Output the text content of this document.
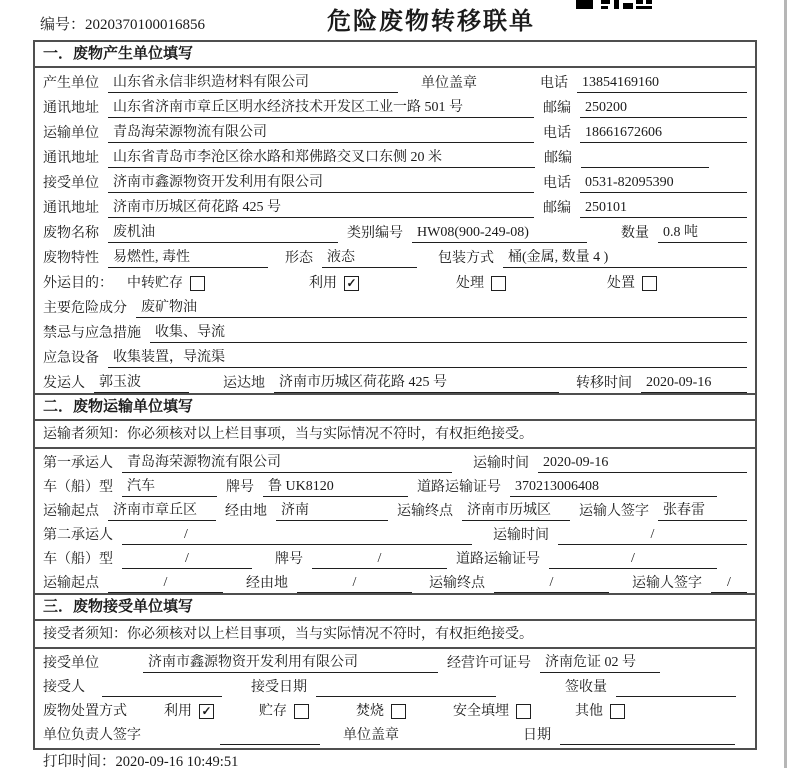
编号：2020370100016856	危险废物转移联单
一．废物产生单位填写
产生单位	山东省永信非织造材料有限公司	单位盖章	电话	13854169160
通讯地址	山东省济南市章丘区明水经济技术开发区工业一路 501 号	邮编	250200
运输单位	青岛海荣源物流有限公司	电话	18661672606
通讯地址	山东省青岛市李沧区徐水路和郑佛路交叉口东侧 20 米	邮编
接受单位	济南市鑫源物资开发利用有限公司	电话	0531-82095390
通讯地址	济南市历城区荷花路 425 号	邮编	250101
废物名称	废机油	类别编号	HW08(900-249-08)	数量	0.8 吨
废物特性	易燃性, 毒性	形态	液态	包装方式	桶(金属, 数量 4 )
外运目的： 中转贮存	利用 ✓	处理	处置
主要危险成分	废矿物油
禁忌与应急措施	收集、导流
应急设备	收集装置，导流渠
发运人	郭玉波	运达地	济南市历城区荷花路 425 号	转移时间	2020-09-16
二．废物运输单位填写
运输者须知：你必须核对以上栏目事项，当与实际情况不符时，有权拒绝接受。
第一承运人	青岛海荣源物流有限公司	运输时间	2020-09-16
车（船）型	汽车	牌号	鲁 UK8120	道路运输证号	370213006408
运输起点	济南市章丘区	经由地	济南	运输终点	济南市历城区	运输人签字	张春雷
第二承运人	/	运输时间	/
车（船）型	/	牌号	/	道路运输证号	/
运输起点	/	经由地	/	运输终点	/	运输人签字	/
三．废物接受单位填写
接受者须知：你必须核对以上栏目事项，当与实际情况不符时，有权拒绝接受。
接受单位	济南市鑫源物资开发利用有限公司	经营许可证号	济南危证 02 号
接受人	接受日期	签收量
废物处置方式	利用 ✓	贮存	焚烧	安全填埋	其他
单位负责人签字	单位盖章	日期
打印时间：2020-09-16 10:49:51
